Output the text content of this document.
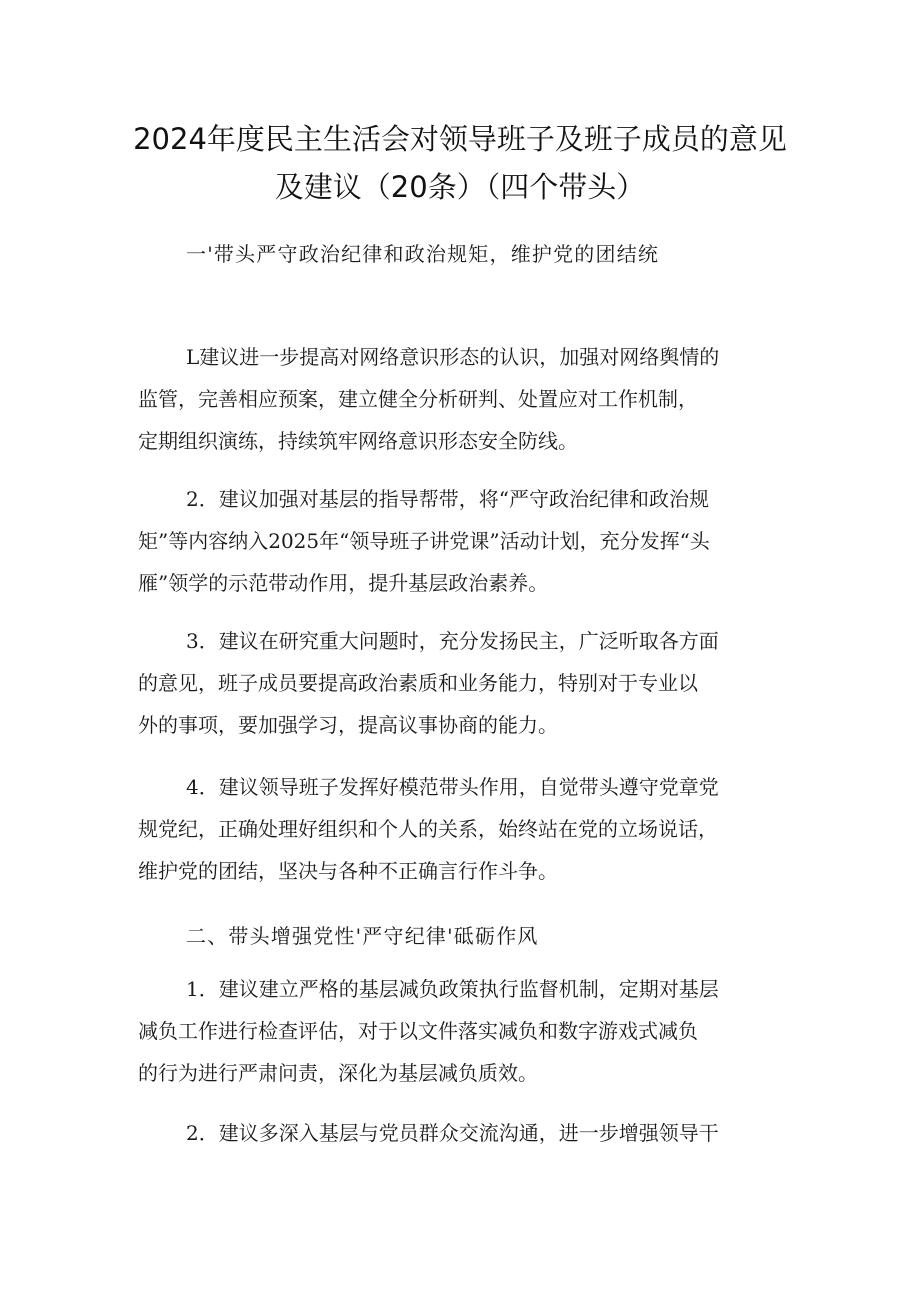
2024年度民主生活会对领导班子及班子成员的意见
及建议（20条）（四个带头）

一'带头严守政治纪律和政治规矩，维护党的团结统

L建议进一步提高对网络意识形态的认识，加强对网络舆情的
监管，完善相应预案，建立健全分析研判、处置应对工作机制，
定期组织演练，持续筑牢网络意识形态安全防线。
2．建议加强对基层的指导帮带，将“严守政治纪律和政治规
矩”等内容纳入2025年“领导班子讲党课”活动计划，充分发挥“头
雁”领学的示范带动作用，提升基层政治素养。
3．建议在研究重大问题时，充分发扬民主，广泛听取各方面
的意见，班子成员要提高政治素质和业务能力，特别对于专业以
外的事项，要加强学习，提高议事协商的能力。
4．建议领导班子发挥好模范带头作用，自觉带头遵守党章党
规党纪，正确处理好组织和个人的关系，始终站在党的立场说话，
维护党的团结，坚决与各种不正确言行作斗争。

二、带头增强党性'严守纪律'砥砺作风

1．建议建立严格的基层减负政策执行监督机制，定期对基层
减负工作进行检查评估，对于以文件落实减负和数字游戏式减负
的行为进行严肃问责，深化为基层减负质效。
2．建议多深入基层与党员群众交流沟通，进一步增强领导干
